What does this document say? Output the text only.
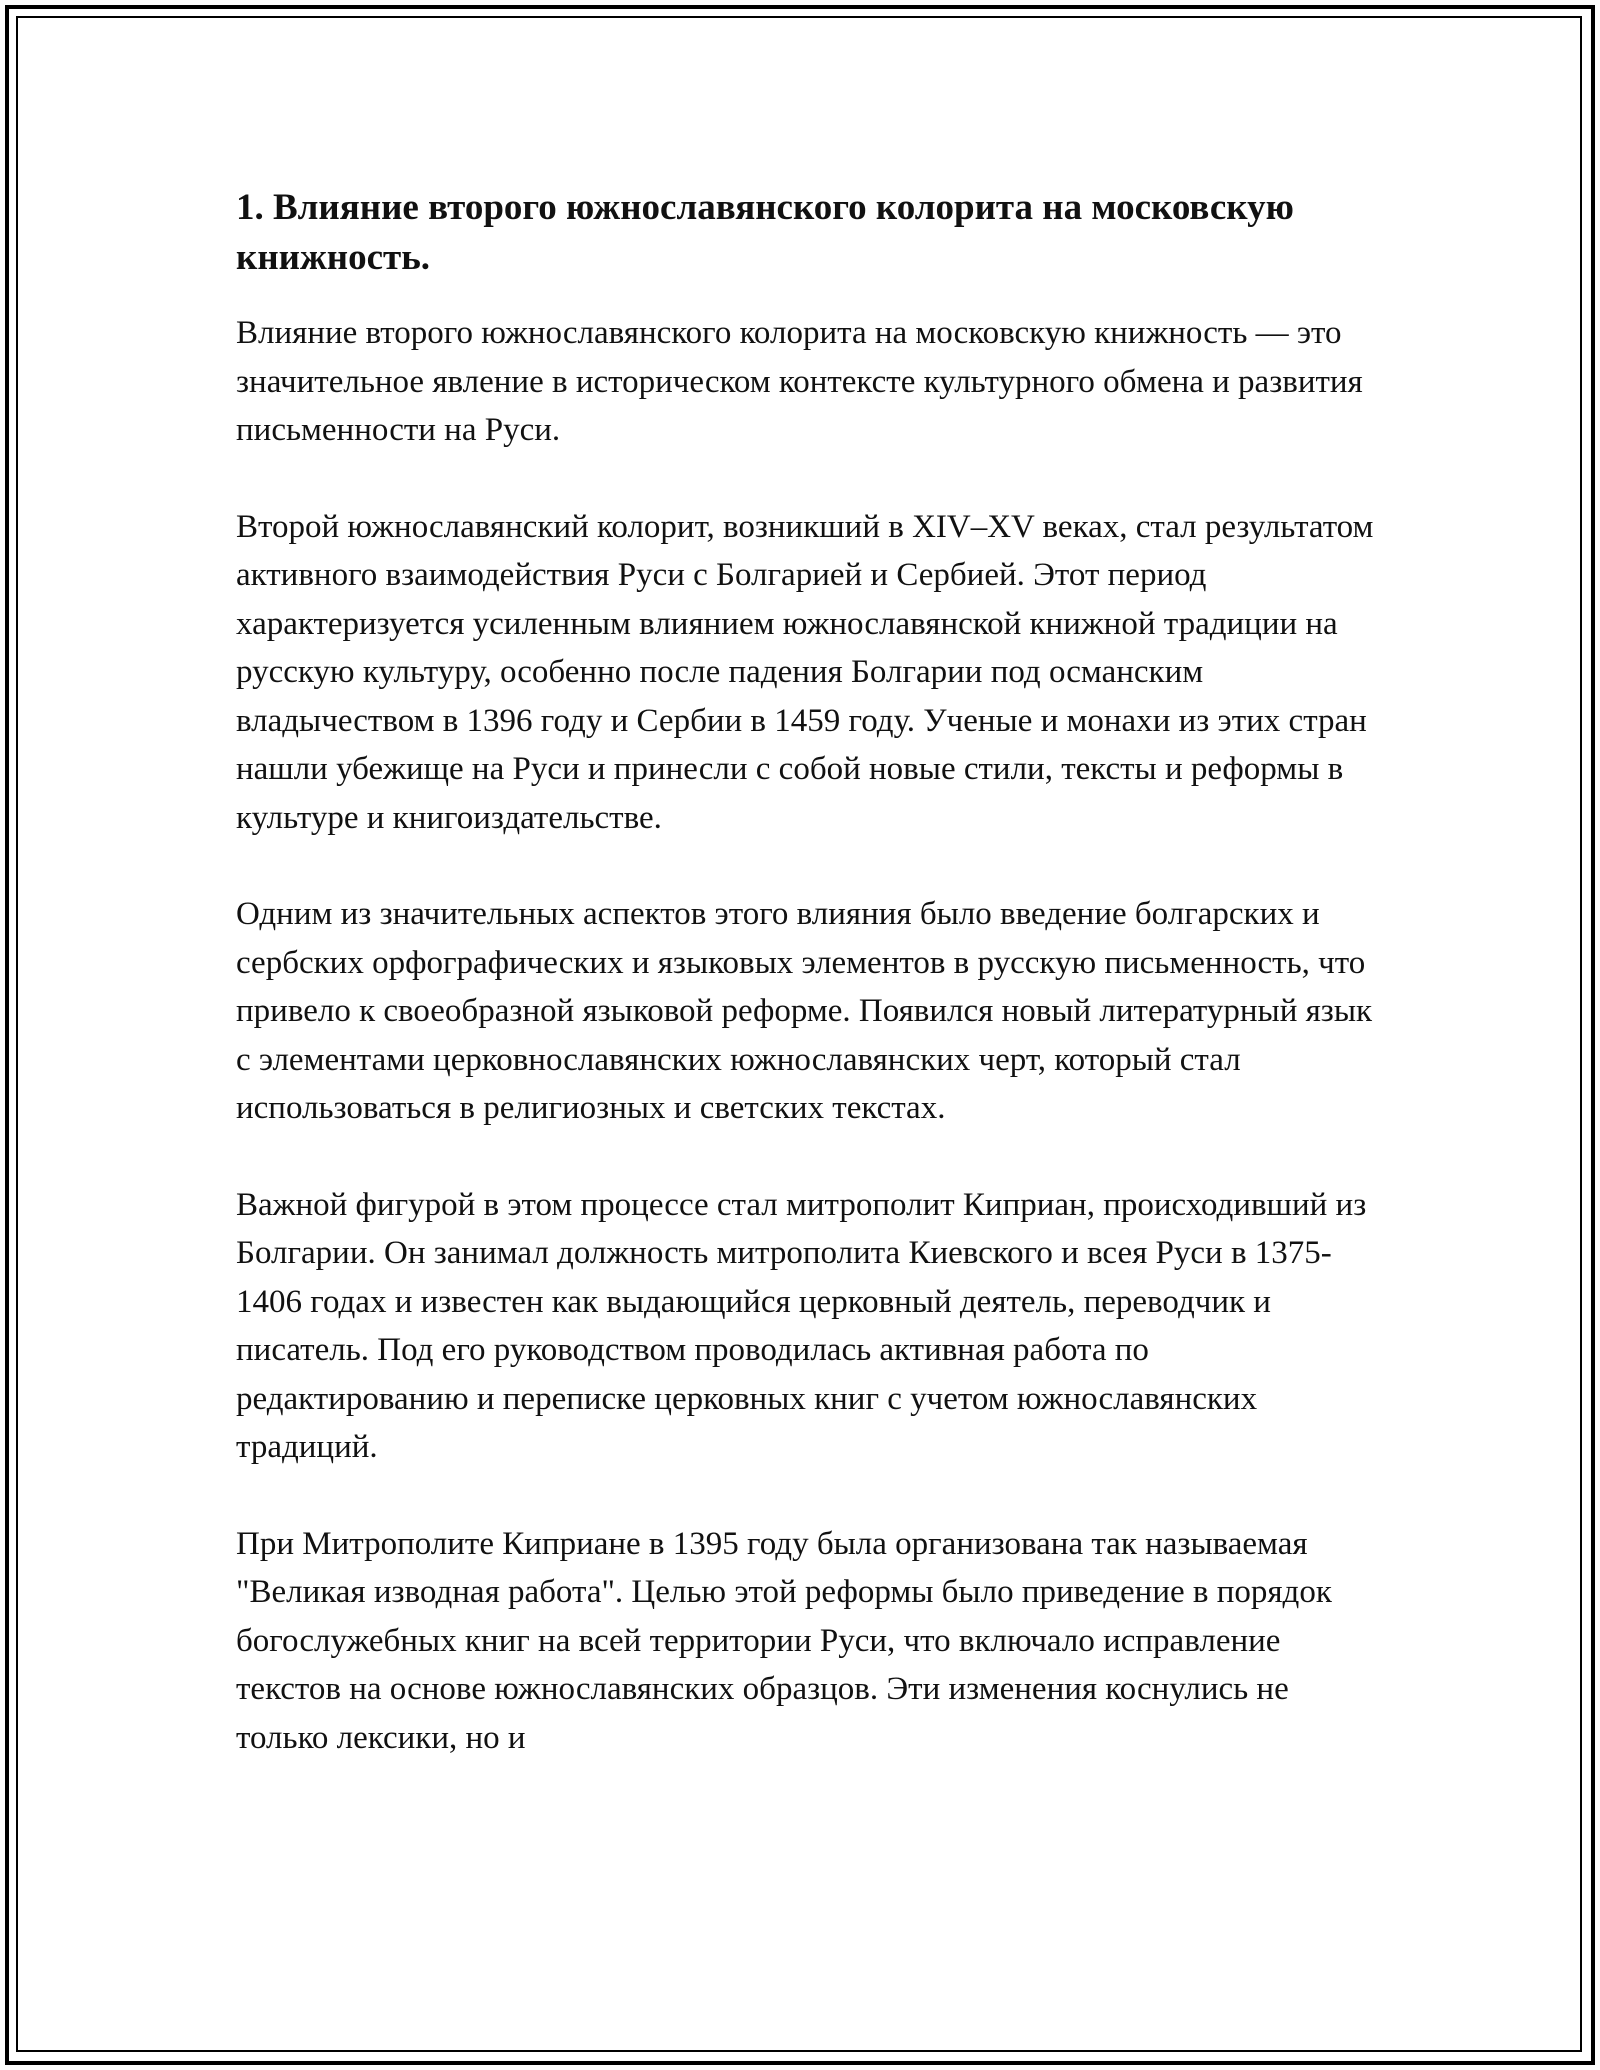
1. Влияние второго южнославянского колорита на московскую книжность.

Влияние второго южнославянского колорита на московскую книжность — это значительное явление в историческом контексте культурного обмена и развития письменности на Руси.

Второй южнославянский колорит, возникший в XIV–XV веках, стал результатом активного взаимодействия Руси с Болгарией и Сербией. Этот период характеризуется усиленным влиянием южнославянской книжной традиции на русскую культуру, особенно после падения Болгарии под османским владычеством в 1396 году и Сербии в 1459 году. Ученые и монахи из этих стран нашли убежище на Руси и принесли с собой новые стили, тексты и реформы в культуре и книгоиздательстве.

Одним из значительных аспектов этого влияния было введение болгарских и сербских орфографических и языковых элементов в русскую письменность, что привело к своеобразной языковой реформе. Появился новый литературный язык с элементами церковнославянских южнославянских черт, который стал использоваться в религиозных и светских текстах.

Важной фигурой в этом процессе стал митрополит Киприан, происходивший из Болгарии. Он занимал должность митрополита Киевского и всея Руси в 1375-1406 годах и известен как выдающийся церковный деятель, переводчик и писатель. Под его руководством проводилась активная работа по редактированию и переписке церковных книг с учетом южнославянских традиций.

При Митрополите Киприане в 1395 году была организована так называемая "Великая изводная работа". Целью этой реформы было приведение в порядок богослужебных книг на всей территории Руси, что включало исправление текстов на основе южнославянских образцов. Эти изменения коснулись не только лексики, но и
